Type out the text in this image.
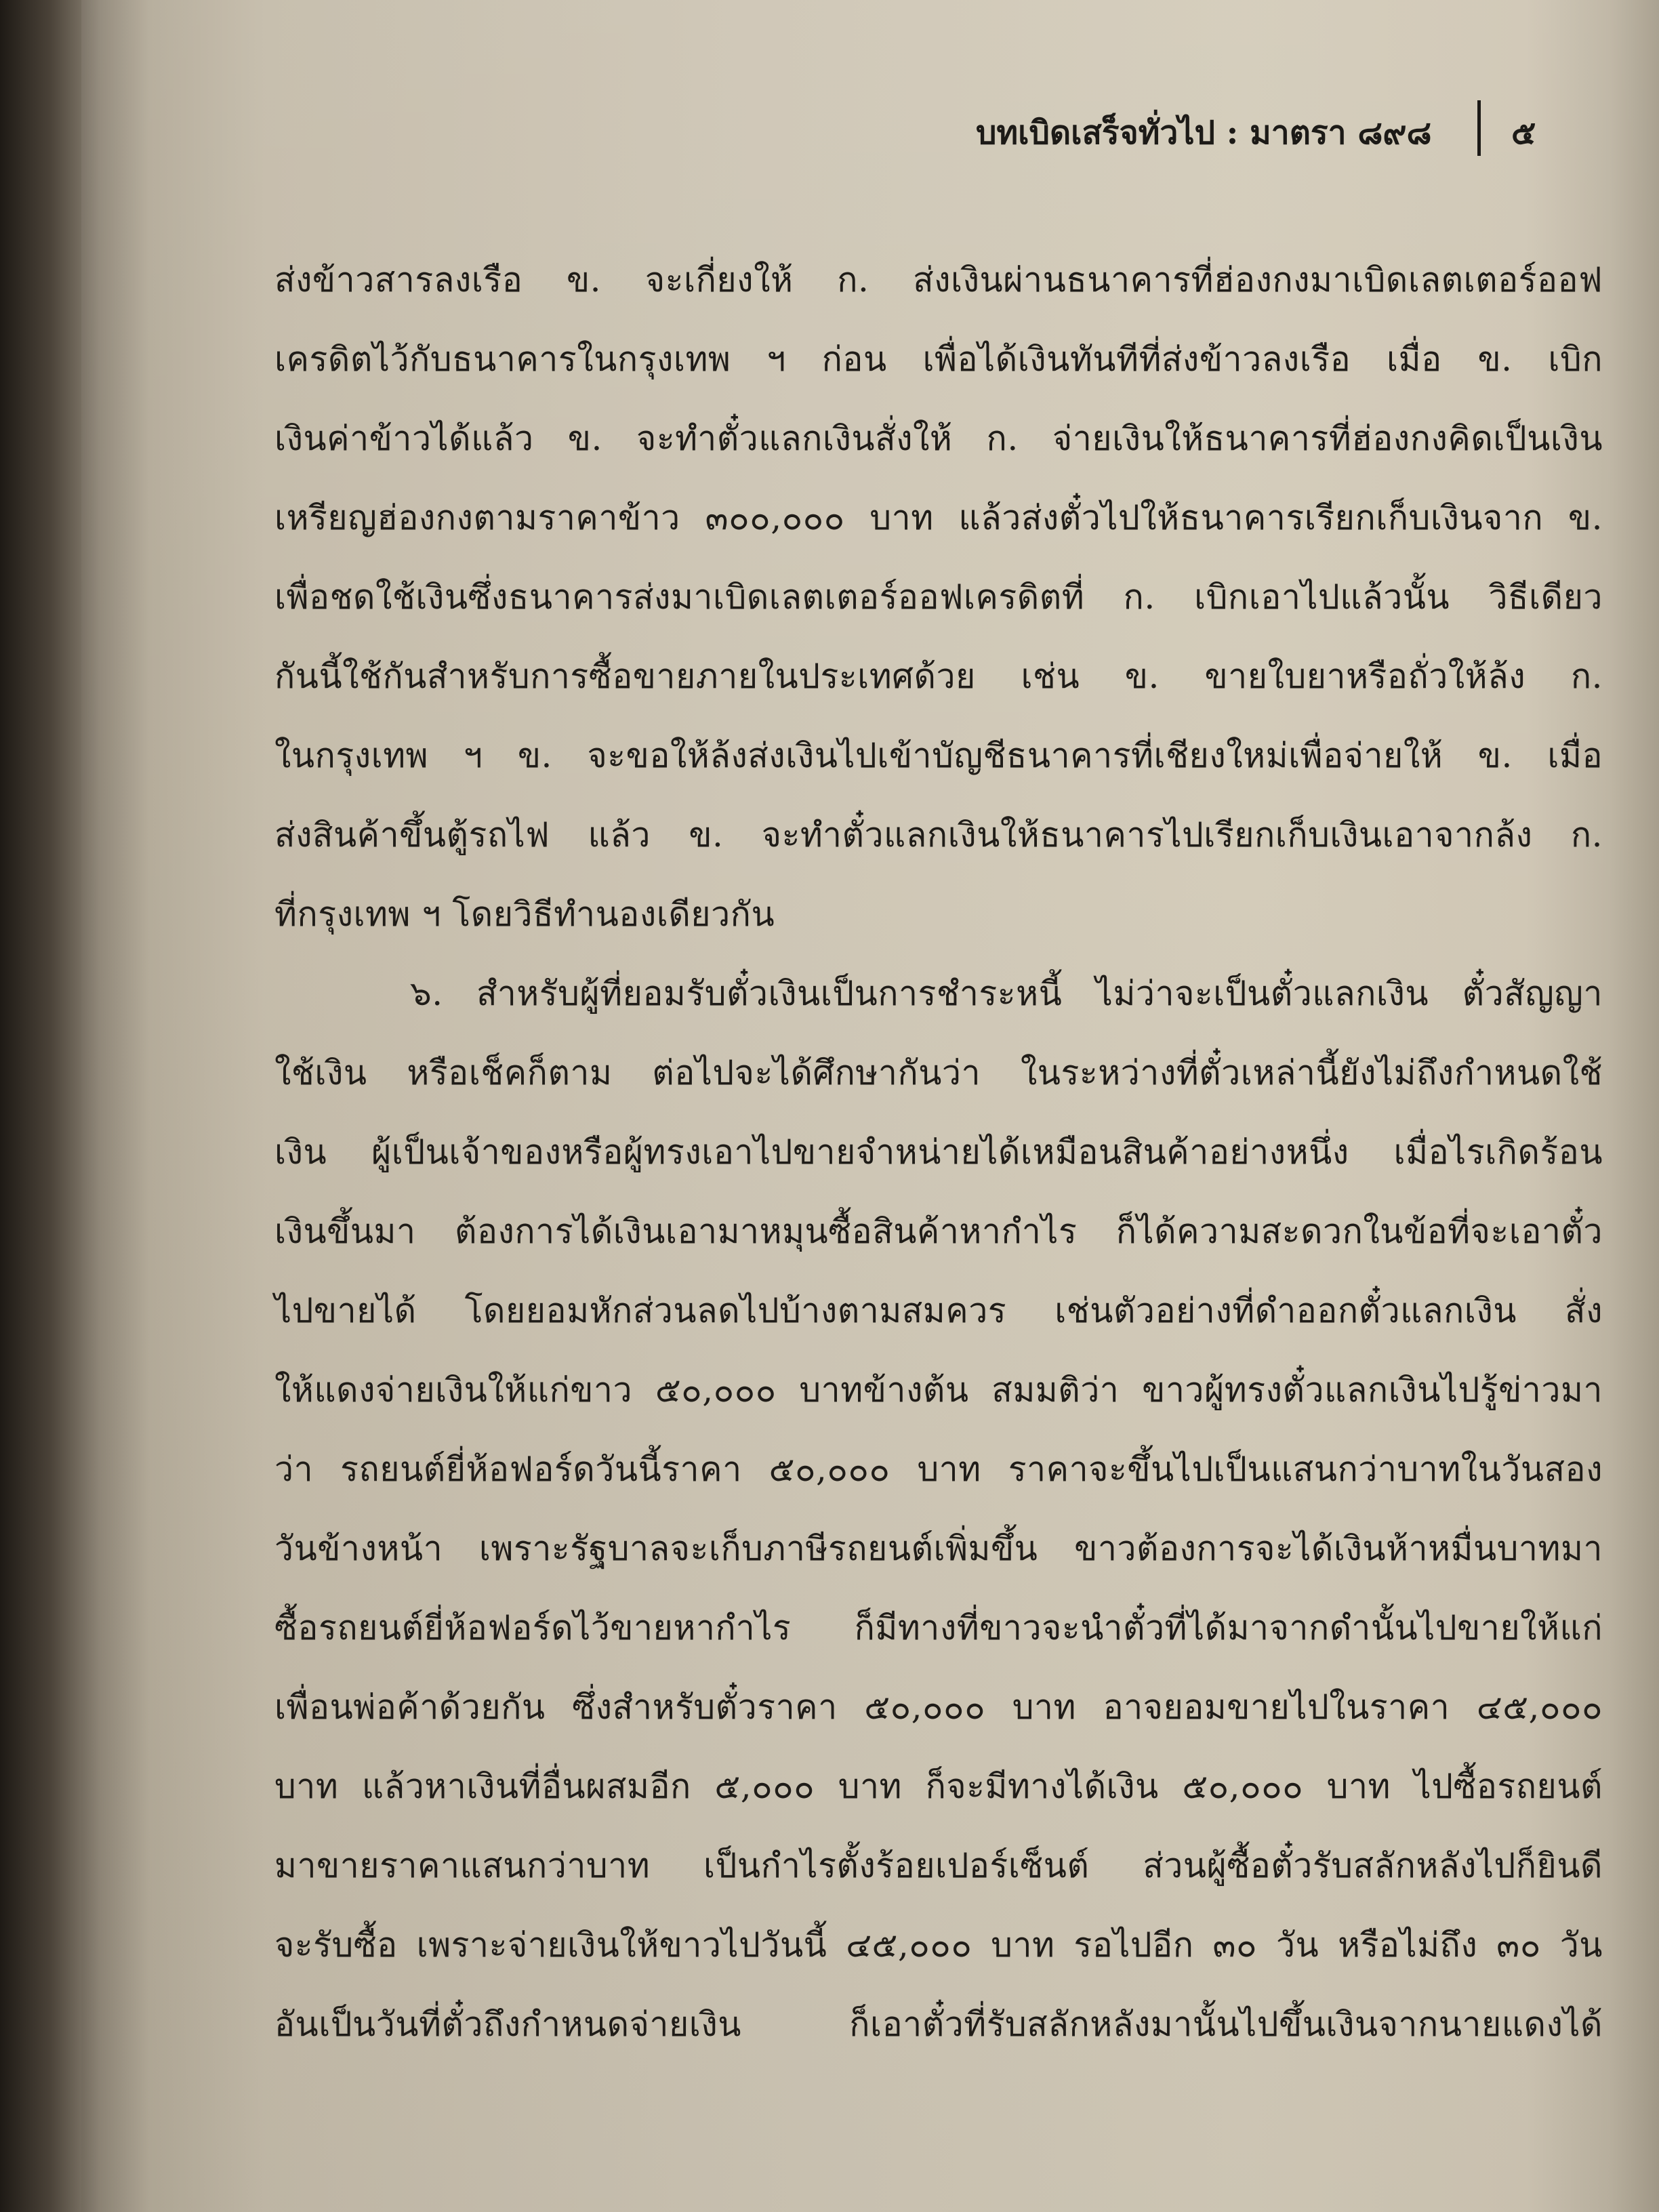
บทเบิดเสร็จทั่วไป : มาตรา ๘๙๘ ๕
ส่งข้าวสารลงเรือ ข. จะเกี่ยงให้ ก. ส่งเงินผ่านธนาคารที่ฮ่องกงมาเบิดเลตเตอร์ออฟ
เครดิตไว้กับธนาคารในกรุงเทพ ฯ ก่อน เพื่อได้เงินทันทีที่ส่งข้าวลงเรือ เมื่อ ข. เบิก
เงินค่าข้าวได้แล้ว ข. จะทำตั๋วแลกเงินสั่งให้ ก. จ่ายเงินให้ธนาคารที่ฮ่องกงคิดเป็นเงิน
เหรียญฮ่องกงตามราคาข้าว ๓๐๐,๐๐๐ บาท แล้วส่งตั๋วไปให้ธนาคารเรียกเก็บเงินจาก ข.
เพื่อชดใช้เงินซึ่งธนาคารส่งมาเบิดเลตเตอร์ออฟเครดิตที่ ก. เบิกเอาไปแล้วนั้น วิธีเดียว
กันนี้ใช้กันสำหรับการซื้อขายภายในประเทศด้วย เช่น ข. ขายใบยาหรือถั่วให้ล้ง ก.
ในกรุงเทพ ฯ ข. จะขอให้ล้งส่งเงินไปเข้าบัญชีธนาคารที่เชียงใหม่เพื่อจ่ายให้ ข. เมื่อ
ส่งสินค้าขึ้นตู้รถไฟ แล้ว ข. จะทำตั๋วแลกเงินให้ธนาคารไปเรียกเก็บเงินเอาจากล้ง ก.
ที่กรุงเทพ ฯ โดยวิธีทำนองเดียวกัน
๖. สำหรับผู้ที่ยอมรับตั๋วเงินเป็นการชำระหนี้ ไม่ว่าจะเป็นตั๋วแลกเงิน ตั๋วสัญญา
ใช้เงิน หรือเช็คก็ตาม ต่อไปจะได้ศึกษากันว่า ในระหว่างที่ตั๋วเหล่านี้ยังไม่ถึงกำหนดใช้
เงิน ผู้เป็นเจ้าของหรือผู้ทรงเอาไปขายจำหน่ายได้เหมือนสินค้าอย่างหนึ่ง เมื่อไรเกิดร้อน
เงินขึ้นมา ต้องการได้เงินเอามาหมุนซื้อสินค้าหากำไร ก็ได้ความสะดวกในข้อที่จะเอาตั๋ว
ไปขายได้ โดยยอมหักส่วนลดไปบ้างตามสมควร เช่นตัวอย่างที่ดำออกตั๋วแลกเงิน สั่ง
ให้แดงจ่ายเงินให้แก่ขาว ๕๐,๐๐๐ บาทข้างต้น สมมติว่า ขาวผู้ทรงตั๋วแลกเงินไปรู้ข่าวมา
ว่า รถยนต์ยี่ห้อฟอร์ดวันนี้ราคา ๕๐,๐๐๐ บาท ราคาจะขึ้นไปเป็นแสนกว่าบาทในวันสอง
วันข้างหน้า เพราะรัฐบาลจะเก็บภาษีรถยนต์เพิ่มขึ้น ขาวต้องการจะได้เงินห้าหมื่นบาทมา
ซื้อรถยนต์ยี่ห้อฟอร์ดไว้ขายหากำไร ก็มีทางที่ขาวจะนำตั๋วที่ได้มาจากดำนั้นไปขายให้แก่
เพื่อนพ่อค้าด้วยกัน ซึ่งสำหรับตั๋วราคา ๕๐,๐๐๐ บาท อาจยอมขายไปในราคา ๔๕,๐๐๐
บาท แล้วหาเงินที่อื่นผสมอีก ๕,๐๐๐ บาท ก็จะมีทางได้เงิน ๕๐,๐๐๐ บาท ไปซื้อรถยนต์
มาขายราคาแสนกว่าบาท เป็นกำไรตั้งร้อยเปอร์เซ็นต์ ส่วนผู้ซื้อตั๋วรับสลักหลังไปก็ยินดี
จะรับซื้อ เพราะจ่ายเงินให้ขาวไปวันนี้ ๔๕,๐๐๐ บาท รอไปอีก ๓๐ วัน หรือไม่ถึง ๓๐ วัน
อันเป็นวันที่ตั๋วถึงกำหนดจ่ายเงิน ก็เอาตั๋วที่รับสลักหลังมานั้นไปขึ้นเงินจากนายแดงได้
